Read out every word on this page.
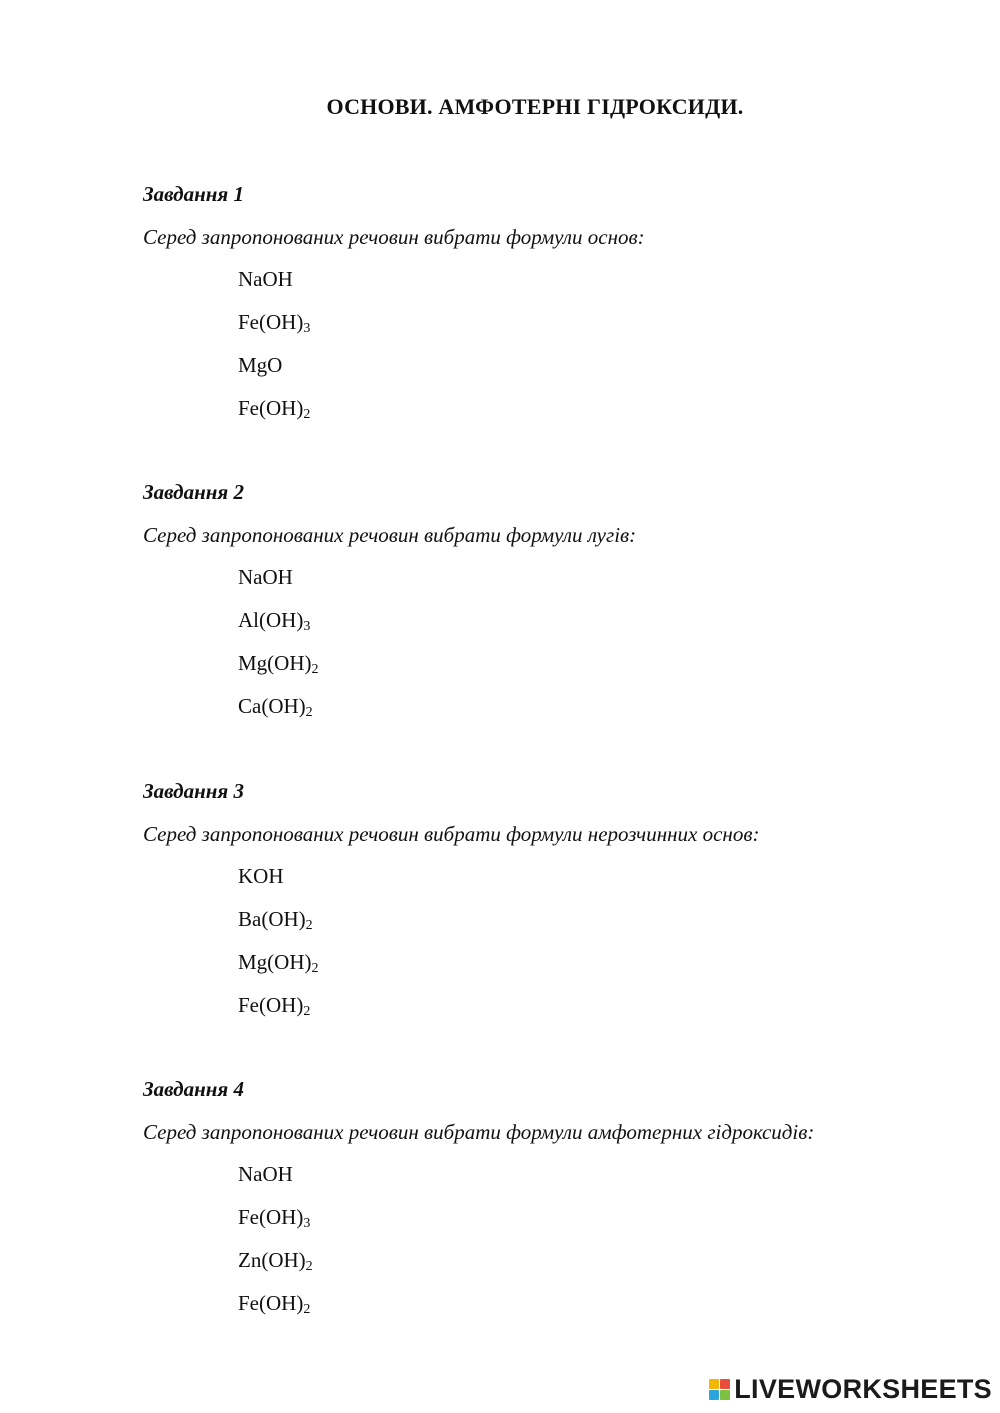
ОСНОВИ. АМФОТЕРНІ ГІДРОКСИДИ.
Завдання 1
Серед запропонованих речовин вибрати формули основ:
NaOH
$Fe(OH)_3$
MgO
$Fe(OH)_2$
Завдання 2
Серед запропонованих речовин вибрати формули лугів:
NaOH
$Al(OH)_3$
$Mg(OH)_2$
$Ca(OH)_2$
Завдання 3
Серед запропонованих речовин вибрати формули нерозчинних основ:
KOH
$Ba(OH)_2$
$Mg(OH)_2$
$Fe(OH)_2$
Завдання 4
Серед запропонованих речовин вибрати формули амфотерних гідроксидів:
NaOH
$Fe(OH)_3$
$Zn(OH)_2$
$Fe(OH)_2$
LIVEWORKSHEETS
